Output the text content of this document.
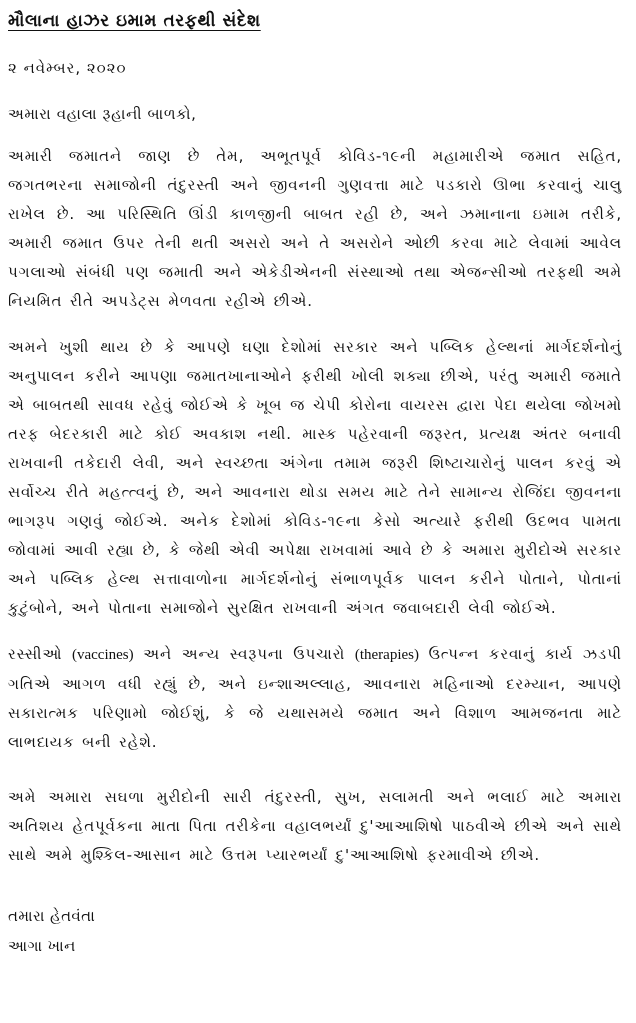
મૌલાના હાઝર ઇમામ તરફથી સંદેશ

૨ નવેમ્બર, ૨૦૨૦

અમારા વહાલા રૂહાની બાળકો,

અમારી જમાતને જાણ છે તેમ, અભૂતપૂર્વ કોવિડ-૧૯ની મહામારીએ જમાત સહિત, જગતભરના સમાજોની તંદુરસ્તી અને જીવનની ગુણવત્તા માટે પડકારો ઊભા કરવાનું ચાલુ રાખેલ છે. આ પરિસ્થિતિ ઊંડી કાળજીની બાબત રહી છે, અને ઝમાનાના ઇમામ તરીકે, અમારી જમાત ઉપર તેની થતી અસરો અને તે અસરોને ઓછી કરવા માટે લેવામાં આવેલ પગલાઓ સંબંધી પણ જમાતી અને એકેડીએનની સંસ્થાઓ તથા એજન્સીઓ તરફથી અમે નિયમિત રીતે અપડેટ્સ મેળવતા રહીએ છીએ.

અમને ખુશી થાય છે કે આપણે ઘણા દેશોમાં સરકાર અને પબ્લિક હેલ્થનાં માર્ગદર્શનોનું અનુપાલન કરીને આપણા જમાતખાનાઓને ફરીથી ખોલી શક્યા છીએ, પરંતુ અમારી જમાતે એ બાબતથી સાવધ રહેવું જોઈએ કે ખૂબ જ ચેપી કોરોના વાયરસ દ્વારા પેદા થયેલા જોખમો તરફ બેદરકારી માટે કોઈ અવકાશ નથી. માસ્ક પહેરવાની જરૂરત, પ્રત્યક્ષ અંતર બનાવી રાખવાની તકેદારી લેવી, અને સ્વચ્છતા અંગેના તમામ જરૂરી શિષ્ટાચારોનું પાલન કરવું એ સર્વોચ્ચ રીતે મહત્ત્વનું છે, અને આવનારા થોડા સમય માટે તેને સામાન્ય રોજિંદા જીવનના ભાગરૂપ ગણવું જોઈએ. અનેક દેશોમાં કોવિડ-૧૯ના કેસો અત્યારે ફરીથી ઉદભવ પામતા જોવામાં આવી રહ્યા છે, કે જેથી એવી અપેક્ષા રાખવામાં આવે છે કે અમારા મુરીદોએ સરકાર અને પબ્લિક હેલ્થ સત્તાવાળોના માર્ગદર્શનોનું સંભાળપૂર્વક પાલન કરીને પોતાને, પોતાનાં કુટુંબોને, અને પોતાના સમાજોને સુરક્ષિત રાખવાની અંગત જવાબદારી લેવી જોઈએ.

રસ્સીઓ (vaccines) અને અન્ય સ્વરૂપના ઉપચારો (therapies) ઉત્પન્ન કરવાનું કાર્ય ઝડપી ગતિએ આગળ વધી રહ્યું છે, અને ઇન્શાઅલ્લાહ, આવનારા મહિનાઓ દરમ્યાન, આપણે સકારાત્મક પરિણામો જોઈશું, કે જે યથાસમયે જમાત અને વિશાળ આમજનતા માટે લાભદાયક બની રહેશે.

અમે અમારા સઘળા મુરીદોની સારી તંદુરસ્તી, સુખ, સલામતી અને ભલાઈ માટે અમારા અતિશય હેતપૂર્વકના માતા પિતા તરીકેના વહાલભર્યાં દુ'આઆશિષો પાઠવીએ છીએ અને સાથે સાથે અમે મુશ્કિલ-આસાન માટે ઉત્તમ પ્યારભર્યાં દુ'આઆશિષો ફરમાવીએ છીએ.

તમારા હેતવંતા

આગા ખાન
